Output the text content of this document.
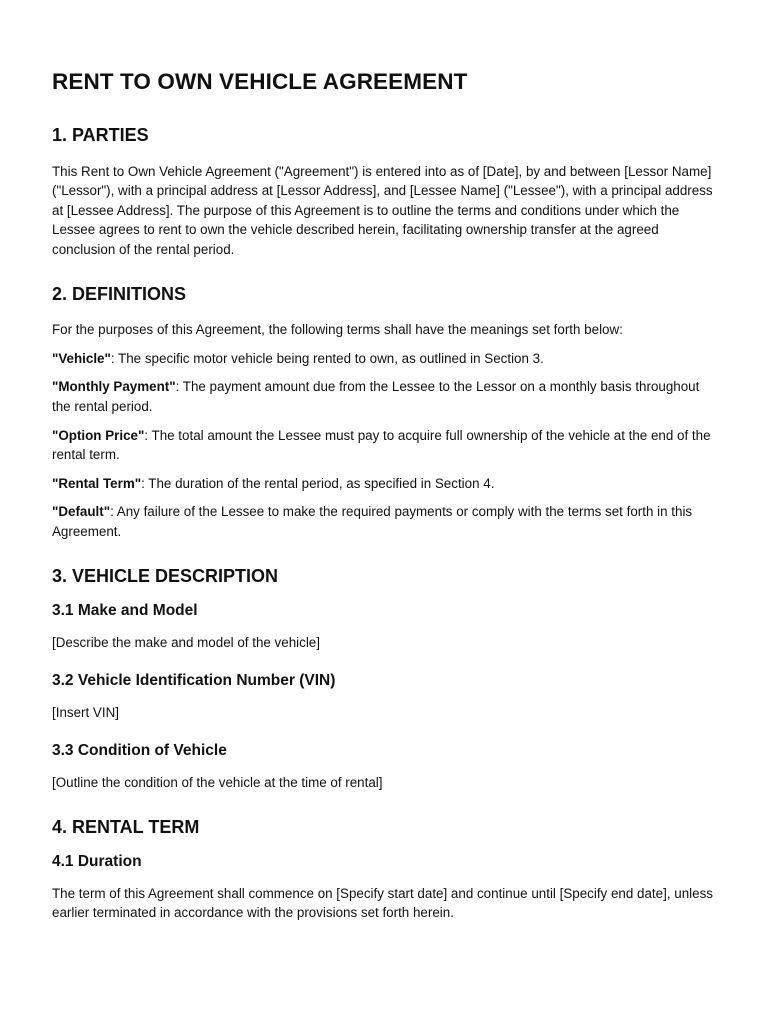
RENT TO OWN VEHICLE AGREEMENT
1. PARTIES

This Rent to Own Vehicle Agreement ("Agreement") is entered into as of [Date], by and between [Lessor Name] ("Lessor"), with a principal address at [Lessor Address], and [Lessee Name] ("Lessee"), with a principal address at [Lessee Address]. The purpose of this Agreement is to outline the terms and conditions under which the Lessee agrees to rent to own the vehicle described herein, facilitating ownership transfer at the agreed conclusion of the rental period.

2. DEFINITIONS

For the purposes of this Agreement, the following terms shall have the meanings set forth below:

"Vehicle": The specific motor vehicle being rented to own, as outlined in Section 3.

"Monthly Payment": The payment amount due from the Lessee to the Lessor on a monthly basis throughout the rental period.

"Option Price": The total amount the Lessee must pay to acquire full ownership of the vehicle at the end of the rental term.

"Rental Term": The duration of the rental period, as specified in Section 4.

"Default": Any failure of the Lessee to make the required payments or comply with the terms set forth in this Agreement.

3. VEHICLE DESCRIPTION
3.1 Make and Model

[Describe the make and model of the vehicle]

3.2 Vehicle Identification Number (VIN)

[Insert VIN]

3.3 Condition of Vehicle

[Outline the condition of the vehicle at the time of rental]

4. RENTAL TERM
4.1 Duration

The term of this Agreement shall commence on [Specify start date] and continue until [Specify end date], unless earlier terminated in accordance with the provisions set forth herein.
